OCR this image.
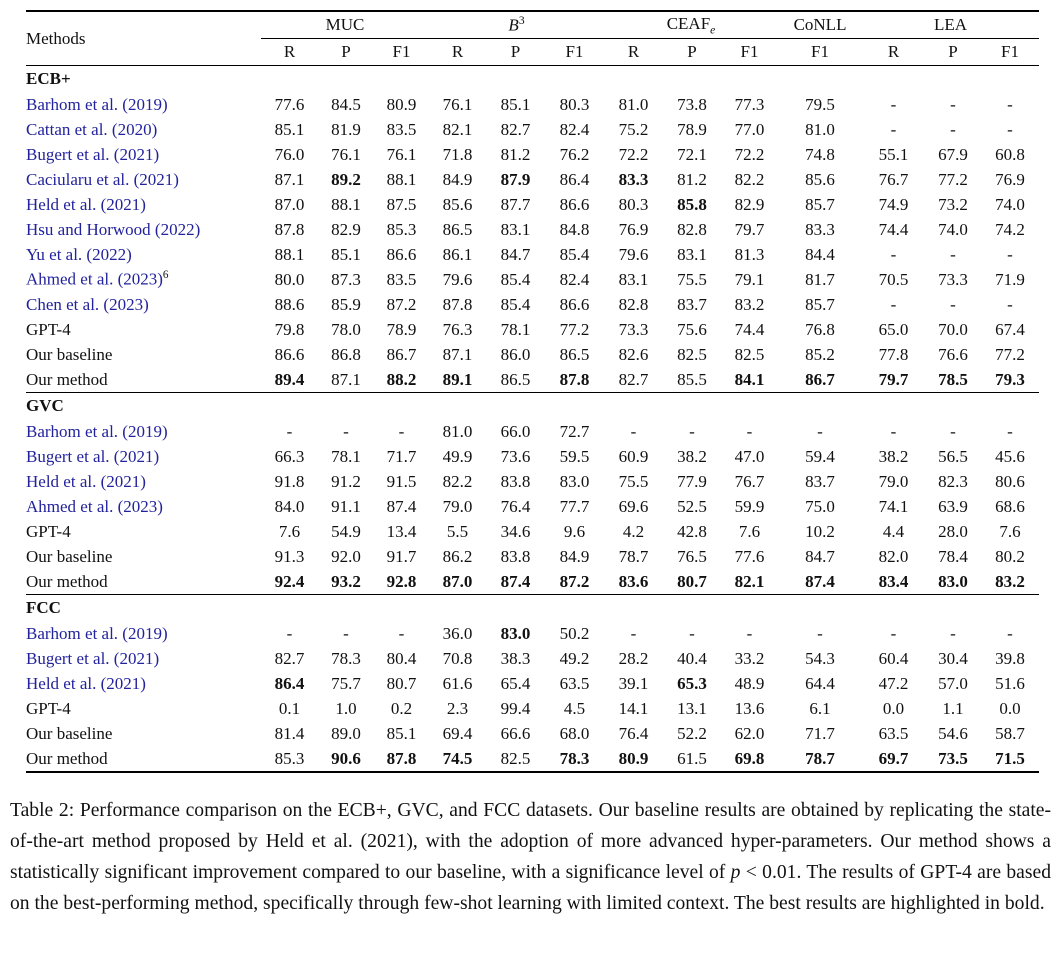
Methods	MUC			$B^3$			$CEAF_e$			CoNLL	LEA		
	R	P	F1	R	P	F1	R	P	F1	F1	R	P	F1
ECB+													
Barhom et al. (2019)	77.6	84.5	80.9	76.1	85.1	80.3	81.0	73.8	77.3	79.5	-	-	-
Cattan et al. (2020)	85.1	81.9	83.5	82.1	82.7	82.4	75.2	78.9	77.0	81.0	-	-	-
Bugert et al. (2021)	76.0	76.1	76.1	71.8	81.2	76.2	72.2	72.1	72.2	74.8	55.1	67.9	60.8
Caciularu et al. (2021)	87.1	89.2	88.1	84.9	87.9	86.4	83.3	81.2	82.2	85.6	76.7	77.2	76.9
Held et al. (2021)	87.0	88.1	87.5	85.6	87.7	86.6	80.3	85.8	82.9	85.7	74.9	73.2	74.0
Hsu and Horwood (2022)	87.8	82.9	85.3	86.5	83.1	84.8	76.9	82.8	79.7	83.3	74.4	74.0	74.2
Yu et al. (2022)	88.1	85.1	86.6	86.1	84.7	85.4	79.6	83.1	81.3	84.4	-	-	-
Ahmed et al. (2023)$^6$	80.0	87.3	83.5	79.6	85.4	82.4	83.1	75.5	79.1	81.7	70.5	73.3	71.9
Chen et al. (2023)	88.6	85.9	87.2	87.8	85.4	86.6	82.8	83.7	83.2	85.7	-	-	-
GPT-4	79.8	78.0	78.9	76.3	78.1	77.2	73.3	75.6	74.4	76.8	65.0	70.0	67.4
Our baseline	86.6	86.8	86.7	87.1	86.0	86.5	82.6	82.5	82.5	85.2	77.8	76.6	77.2
Our method	89.4	87.1	88.2	89.1	86.5	87.8	82.7	85.5	84.1	86.7	79.7	78.5	79.3
GVC													
Barhom et al. (2019)	-	-	-	81.0	66.0	72.7	-	-	-	-	-	-	-
Bugert et al. (2021)	66.3	78.1	71.7	49.9	73.6	59.5	60.9	38.2	47.0	59.4	38.2	56.5	45.6
Held et al. (2021)	91.8	91.2	91.5	82.2	83.8	83.0	75.5	77.9	76.7	83.7	79.0	82.3	80.6
Ahmed et al. (2023)	84.0	91.1	87.4	79.0	76.4	77.7	69.6	52.5	59.9	75.0	74.1	63.9	68.6
GPT-4	7.6	54.9	13.4	5.5	34.6	9.6	4.2	42.8	7.6	10.2	4.4	28.0	7.6
Our baseline	91.3	92.0	91.7	86.2	83.8	84.9	78.7	76.5	77.6	84.7	82.0	78.4	80.2
Our method	92.4	93.2	92.8	87.0	87.4	87.2	83.6	80.7	82.1	87.4	83.4	83.0	83.2
FCC													
Barhom et al. (2019)	-	-	-	36.0	83.0	50.2	-	-	-	-	-	-	-
Bugert et al. (2021)	82.7	78.3	80.4	70.8	38.3	49.2	28.2	40.4	33.2	54.3	60.4	30.4	39.8
Held et al. (2021)	86.4	75.7	80.7	61.6	65.4	63.5	39.1	65.3	48.9	64.4	47.2	57.0	51.6
GPT-4	0.1	1.0	0.2	2.3	99.4	4.5	14.1	13.1	13.6	6.1	0.0	1.1	0.0
Our baseline	81.4	89.0	85.1	69.4	66.6	68.0	76.4	52.2	62.0	71.7	63.5	54.6	58.7
Our method	85.3	90.6	87.8	74.5	82.5	78.3	80.9	61.5	69.8	78.7	69.7	73.5	71.5

Table 2: Performance comparison on the ECB+, GVC, and FCC datasets. Our baseline results are obtained by replicating the state-of-the-art method proposed by Held et al. (2021), with the adoption of more advanced hyper-parameters. Our method shows a statistically significant improvement compared to our baseline, with a significance level of p < 0.01. The results of GPT-4 are based on the best-performing method, specifically through few-shot learning with limited context. The best results are highlighted in bold.
